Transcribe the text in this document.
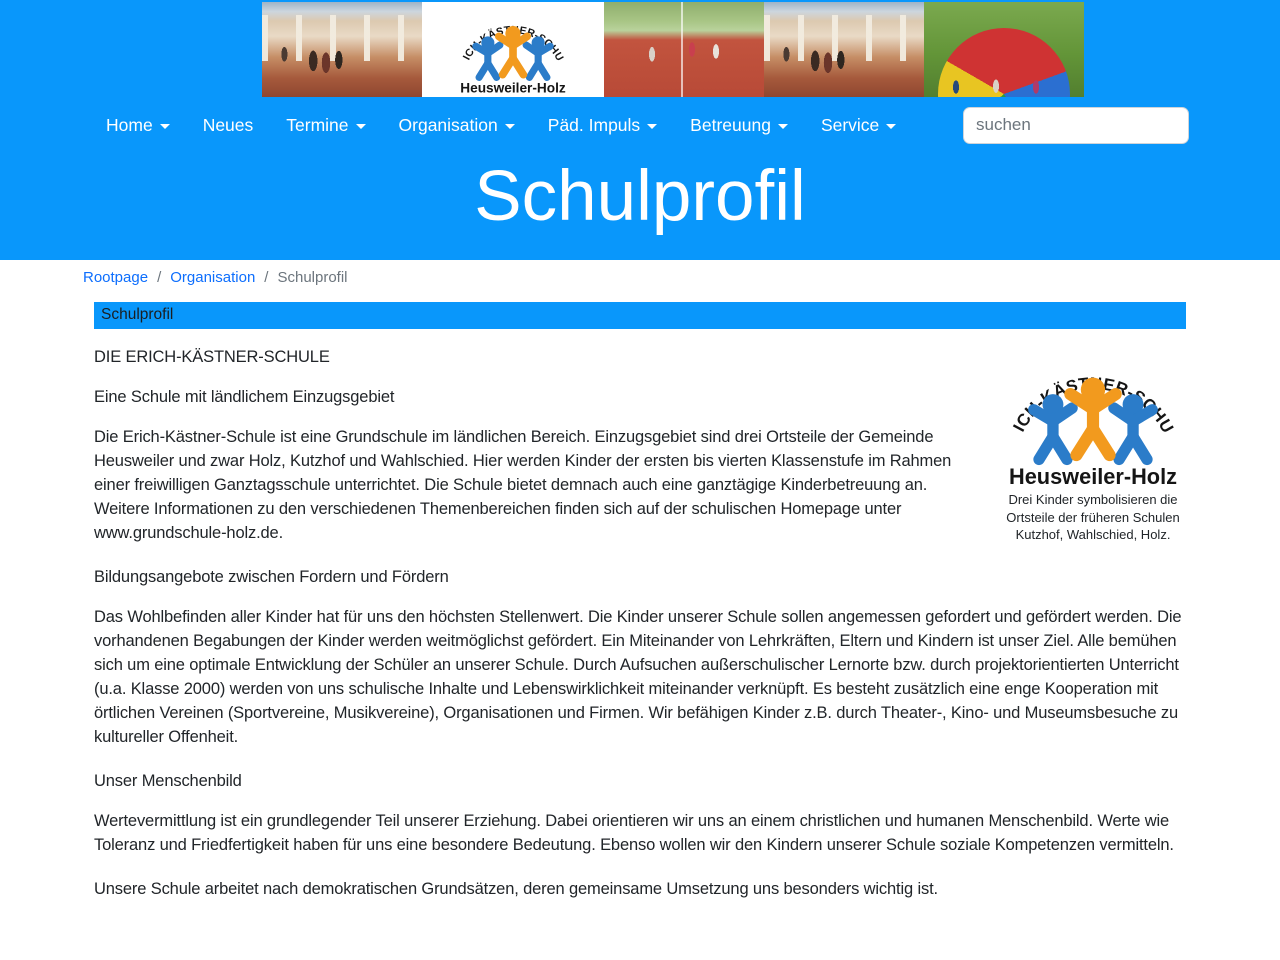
Home	Neues Termine	Organisation	Päd. Impuls	Betreuung	Service
suchen
Schulprofil
Rootpage / Organisation / Schulprofil
Schulprofil
Drei Kinder symbolisieren die Ortsteile der früheren Schulen Kutzhof, Wahlschied, Holz.

DIE ERICH-KÄSTNER-SCHULE

Eine Schule mit ländlichem Einzugsgebiet

Die Erich-Kästner-Schule ist eine Grundschule im ländlichen Bereich. Einzugsgebiet sind drei Ortsteile der Gemeinde Heusweiler und zwar Holz, Kutzhof und Wahlschied. Hier werden Kinder der ersten bis vierten Klassenstufe im Rahmen einer freiwilligen Ganztagsschule unterrichtet. Die Schule bietet demnach auch eine ganztägige Kinderbetreuung an. Weitere Informationen zu den verschiedenen Themenbereichen finden sich auf der schulischen Homepage unter www.grundschule-holz.de.

Bildungsangebote zwischen Fordern und Fördern

Das Wohlbefinden aller Kinder hat für uns den höchsten Stellenwert. Die Kinder unserer Schule sollen angemessen gefordert und gefördert werden. Die vorhandenen Begabungen der Kinder werden weitmöglichst gefördert. Ein Miteinander von Lehrkräften, Eltern und Kindern ist unser Ziel. Alle bemühen sich um eine optimale Entwicklung der Schüler an unserer Schule. Durch Aufsuchen außerschulischer Lernorte bzw. durch projektorientierten Unterricht (u.a. Klasse 2000) werden von uns schulische Inhalte und Lebenswirklichkeit miteinander verknüpft. Es besteht zusätzlich eine enge Kooperation mit örtlichen Vereinen (Sportvereine, Musikvereine), Organisationen und Firmen. Wir befähigen Kinder z.B. durch Theater-, Kino- und Museumsbesuche zu kultureller Offenheit.

Unser Menschenbild

Wertevermittlung ist ein grundlegender Teil unserer Erziehung. Dabei orientieren wir uns an einem christlichen und humanen Menschenbild. Werte wie Toleranz und Friedfertigkeit haben für uns eine besondere Bedeutung. Ebenso wollen wir den Kindern unserer Schule soziale Kompetenzen vermitteln.

Unsere Schule arbeitet nach demokratischen Grundsätzen, deren gemeinsame Umsetzung uns besonders wichtig ist.
